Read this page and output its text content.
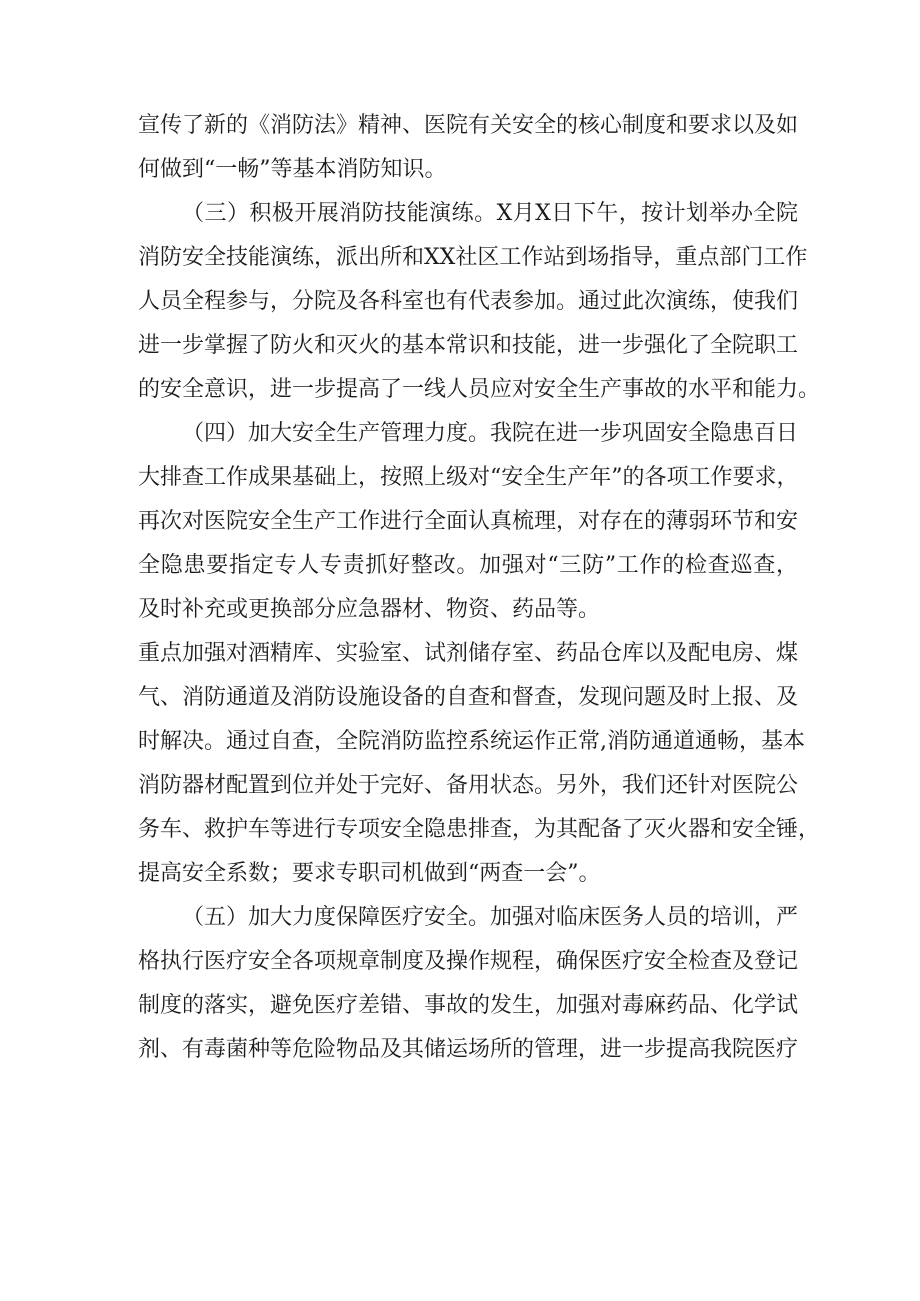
宣传了新的《消防法》精神、医院有关安全的核心制度和要求以及如
何做到“一畅”等基本消防知识。
（三）积极开展消防技能演练。X月X日下午，按计划举办全院
消防安全技能演练，派出所和XX社区工作站到场指导，重点部门工作
人员全程参与，分院及各科室也有代表参加。通过此次演练，使我们
进一步掌握了防火和灭火的基本常识和技能，进一步强化了全院职工
的安全意识，进一步提高了一线人员应对安全生产事故的水平和能力。
（四）加大安全生产管理力度。我院在进一步巩固安全隐患百日
大排查工作成果基础上，按照上级对“安全生产年”的各项工作要求，
再次对医院安全生产工作进行全面认真梳理，对存在的薄弱环节和安
全隐患要指定专人专责抓好整改。加强对“三防”工作的检查巡查，
及时补充或更换部分应急器材、物资、药品等。
重点加强对酒精库、实验室、试剂储存室、药品仓库以及配电房、煤
气、消防通道及消防设施设备的自查和督查，发现问题及时上报、及
时解决。通过自查，全院消防监控系统运作正常,消防通道通畅，基本
消防器材配置到位并处于完好、备用状态。另外，我们还针对医院公
务车、救护车等进行专项安全隐患排查，为其配备了灭火器和安全锤，
提高安全系数；要求专职司机做到“两查一会”。
（五）加大力度保障医疗安全。加强对临床医务人员的培训，严
格执行医疗安全各项规章制度及操作规程，确保医疗安全检查及登记
制度的落实，避免医疗差错、事故的发生，加强对毒麻药品、化学试
剂、有毒菌种等危险物品及其储运场所的管理，进一步提高我院医疗
